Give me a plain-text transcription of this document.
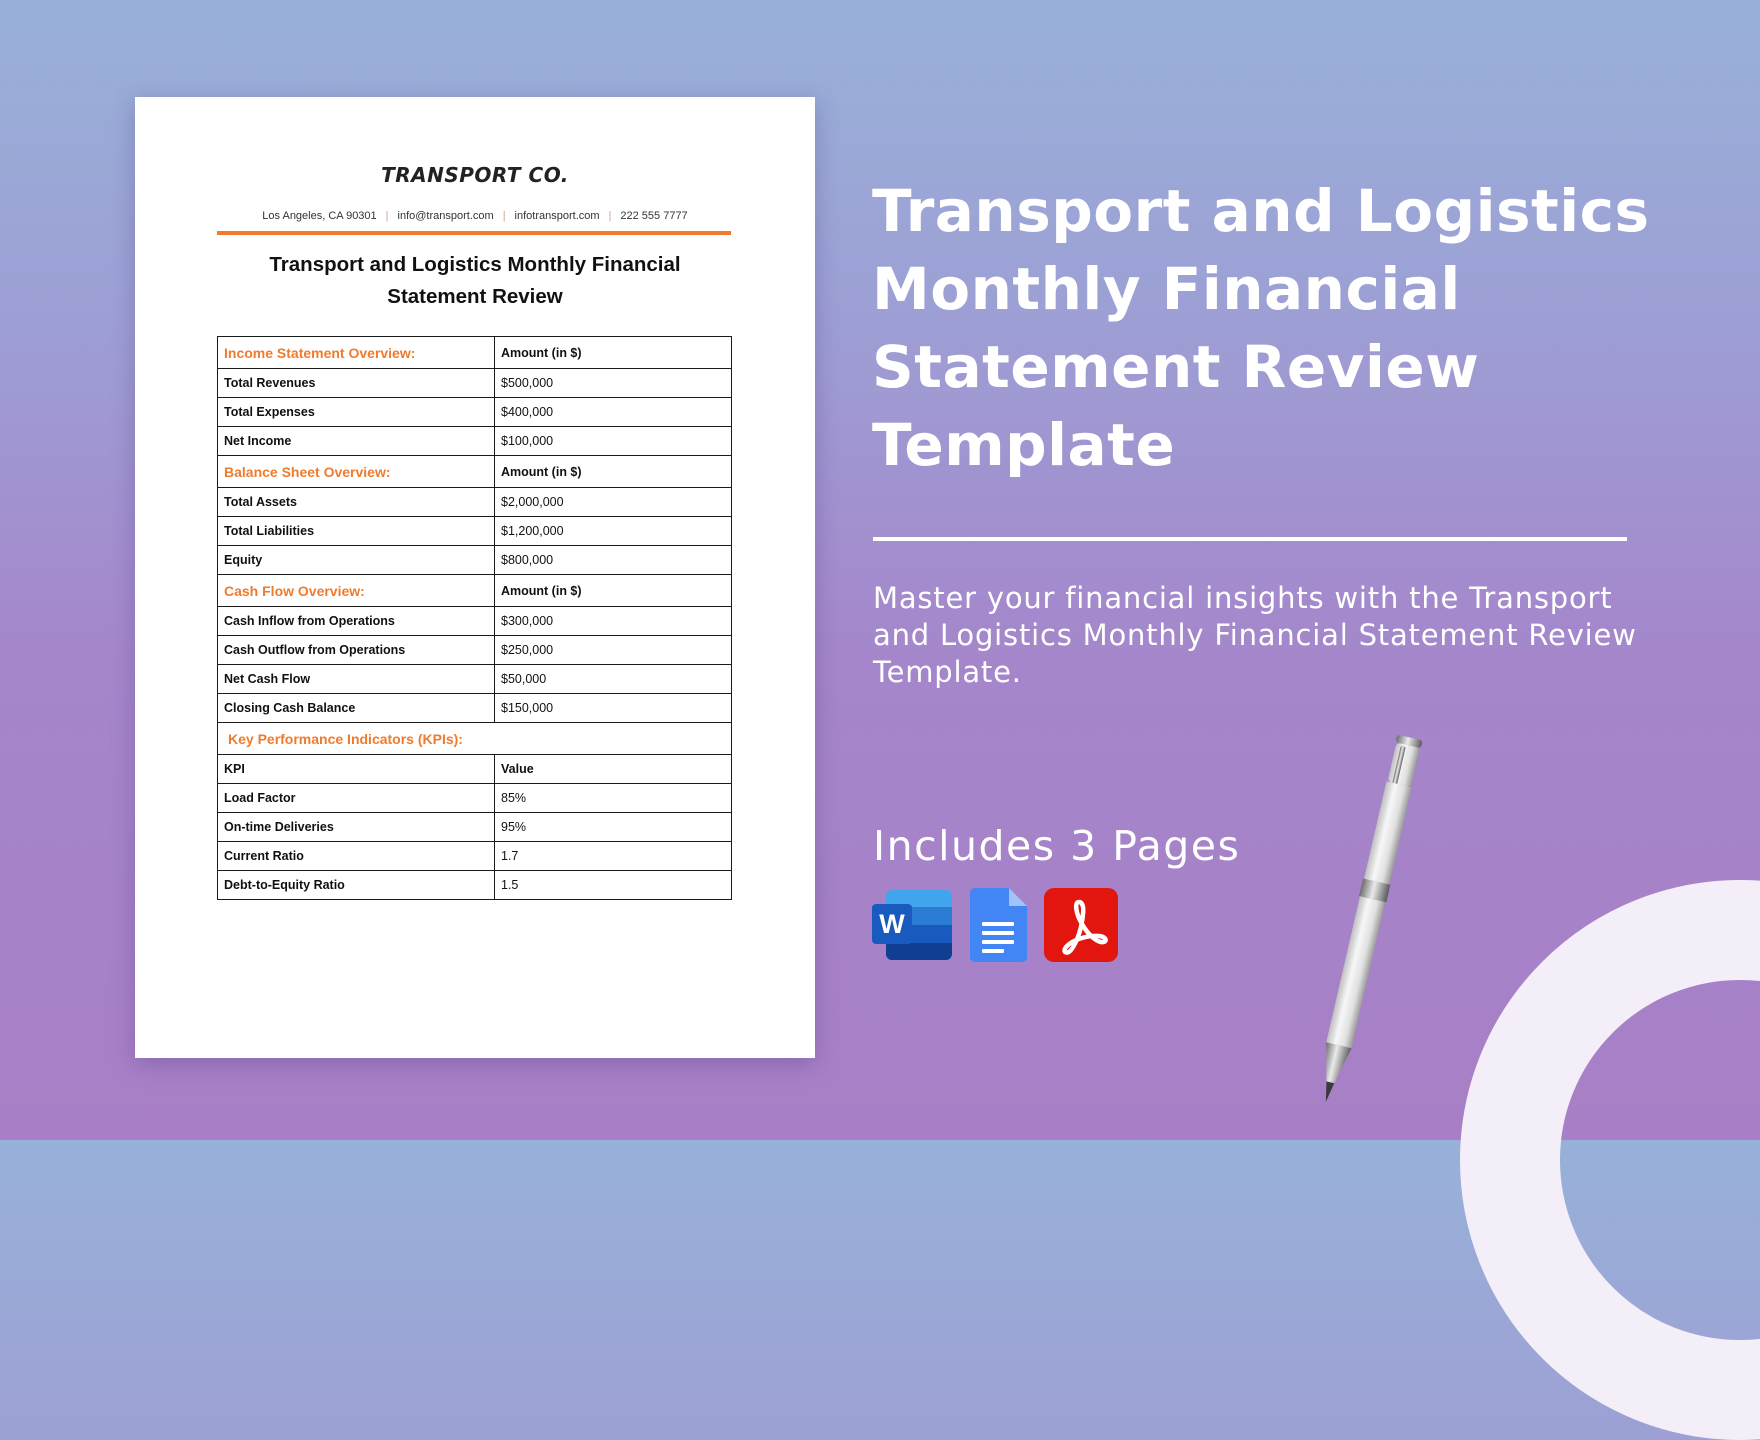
TRANSPORT CO.
Los Angeles, CA 90301 | info@transport.com | infotransport.com | 222 555 7777
Transport and Logistics Monthly Financial
Statement Review
Income Statement Overview:	Amount (in $)
Total Revenues	$500,000
Total Expenses	$400,000
Net Income	$100,000
Balance Sheet Overview:	Amount (in $)
Total Assets	$2,000,000
Total Liabilities	$1,200,000
Equity	$800,000
Cash Flow Overview:	Amount (in $)
Cash Inflow from Operations	$300,000
Cash Outflow from Operations	$250,000
Net Cash Flow	$50,000
Closing Cash Balance	$150,000
Key Performance Indicators (KPIs):	
KPI	Value
Load Factor	85%
On-time Deliveries	95%
Current Ratio	1.7
Debt-to-Equity Ratio	1.5
Transport and Logistics
Monthly Financial
Statement Review
Template

Master your financial insights with the Transport and Logistics Monthly Financial Statement Review Template.

Includes 3 Pages

W
